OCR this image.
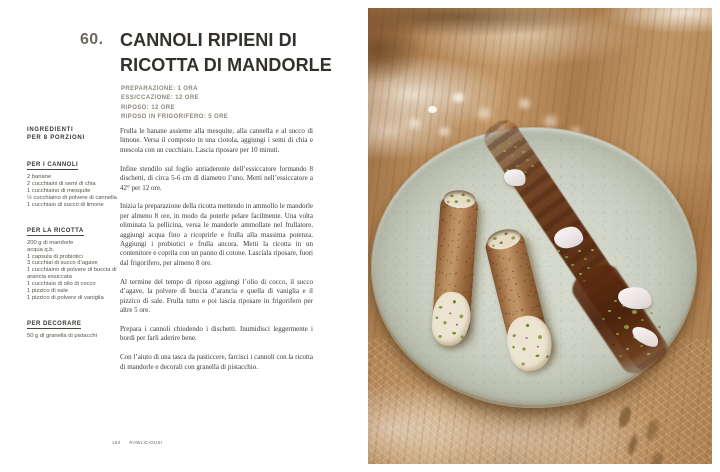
60. CANNOLI RIPIENI DI
RICOTTA DI MANDORLE
PREPARAZIONE: 1 ORA
ESSICCAZIONE: 12 ORE
RIPOSO: 12 ORE
RIPOSO IN FRIGORIFERO: 5 ORE
INGREDIENTI
PER 8 PORZIONI
PER I CANNOLI
2 banane
2 cucchiaini di semi di chia
1 cucchiaino di mesquite
½ cucchiaino di polvere di cannella
1 cucchiaio di succo di limone
PER LA RICOTTA
200 g di mandorle
acqua q.b.
1 capsula di probiotici
3 cucchiai di succo d’agave
1 cucchiaino di polvere di buccia di arancia essiccata
1 cucchiaio di olio di cocco
1 pizzico di sale
1 pizzico di polvere di vaniglia
PER DECORARE
50 g di granella di pistacchi

Frulla le banane assieme alla mesquite, alla cannella e al succo di limone. Versa il composto in una ciotola, aggiungi i semi di chia e mescola con un cucchiaio. Lascia riposare per 10 minuti.

Infine stendilo sul foglio antiaderente dell’essiccatore formando 8 dischetti, di circa 5-6 cm di diametro l’uno. Metti nell’essiccatore a 42° per 12 ore.

Inizia la preparazione della ricotta mettendo in ammollo le mandorle per almeno 8 ore, in modo da poterle pelare facilmente. Una volta eliminata la pellicina, versa le mandorle ammollate nel frullatore, aggiungi acqua fino a ricoprirle e frulla alla massima potenza. Aggiungi i probiotici e frulla ancora. Metti la ricotta in un contenitore e coprila con un panno di cotone. Lasciala riposare, fuori dal frigorifero, per almeno 8 ore.

Al termine del tempo di riposo aggiungi l’olio di cocco, il succo d’agave, la polvere di buccia d’arancia e quella di vaniglia e il pizzico di sale. Frulla tutto e poi lascia riposare in frigorifero per altre 5 ore.

Prepara i cannoli chiudendo i dischetti. Inumidisci leggermente i bordi per farli aderire bene.

Con l’aiuto di una tasca da pasticcere, farcisci i cannoli con la ricotta di mandorle e decorali con granella di pistacchio.

154 RAWLICIOUS!
